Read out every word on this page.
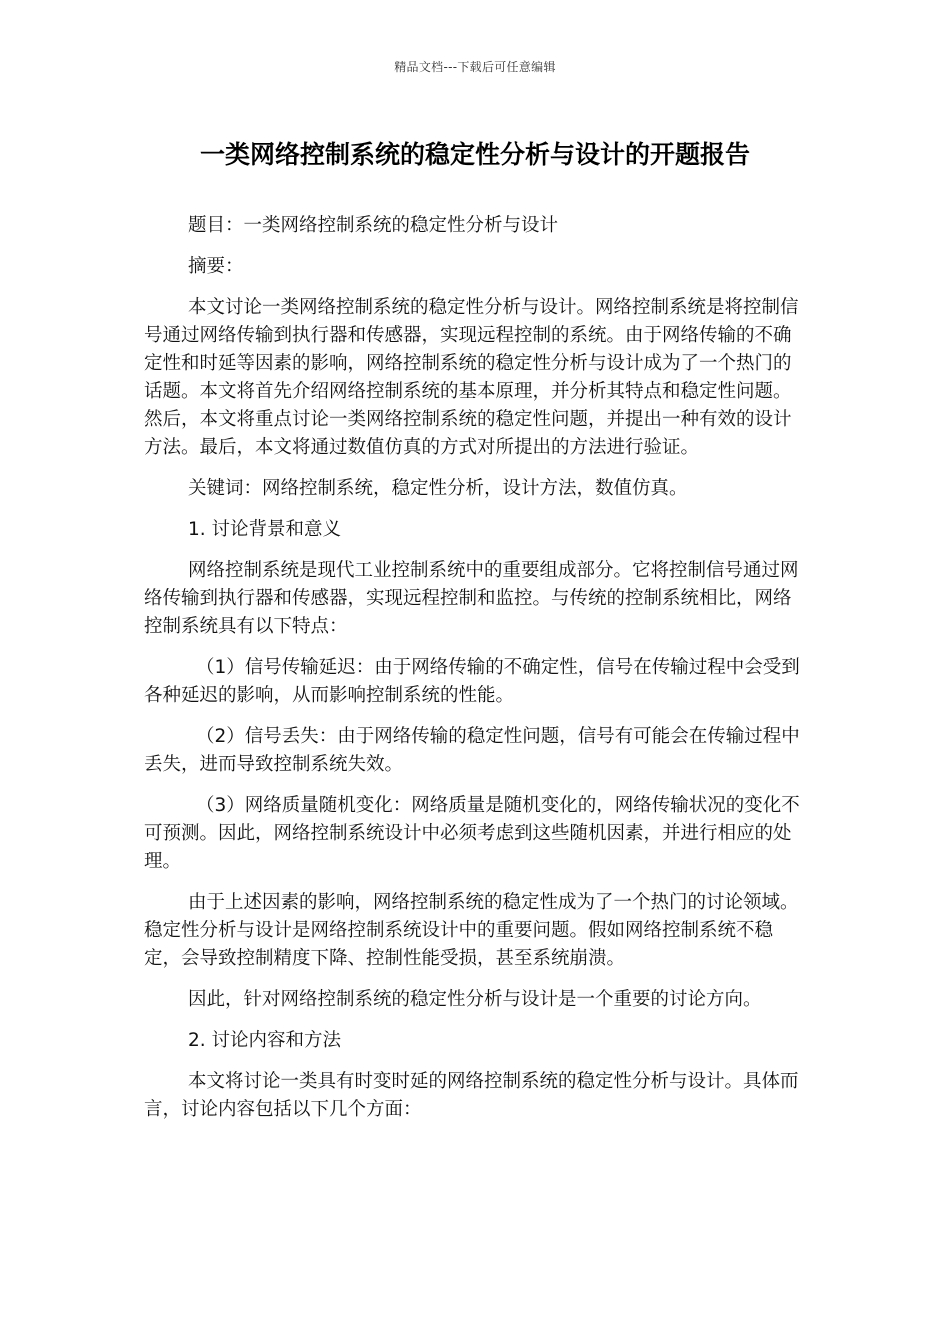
精品文档---下载后可任意编辑
一类网络控制系统的稳定性分析与设计的开题报告

题目：一类网络控制系统的稳定性分析与设计

摘要：

本文讨论一类网络控制系统的稳定性分析与设计。网络控制系统是将控制信号通过网络传输到执行器和传感器，实现远程控制的系统。由于网络传输的不确定性和时延等因素的影响，网络控制系统的稳定性分析与设计成为了一个热门的话题。本文将首先介绍网络控制系统的基本原理，并分析其特点和稳定性问题。然后，本文将重点讨论一类网络控制系统的稳定性问题，并提出一种有效的设计方法。最后，本文将通过数值仿真的方式对所提出的方法进行验证。

关键词：网络控制系统，稳定性分析，设计方法，数值仿真。

1. 讨论背景和意义

网络控制系统是现代工业控制系统中的重要组成部分。它将控制信号通过网络传输到执行器和传感器，实现远程控制和监控。与传统的控制系统相比，网络控制系统具有以下特点：

（1）信号传输延迟：由于网络传输的不确定性，信号在传输过程中会受到各种延迟的影响，从而影响控制系统的性能。

（2）信号丢失：由于网络传输的稳定性问题，信号有可能会在传输过程中丢失，进而导致控制系统失效。

（3）网络质量随机变化：网络质量是随机变化的，网络传输状况的变化不可预测。因此，网络控制系统设计中必须考虑到这些随机因素，并进行相应的处理。

由于上述因素的影响，网络控制系统的稳定性成为了一个热门的讨论领域。稳定性分析与设计是网络控制系统设计中的重要问题。假如网络控制系统不稳定，会导致控制精度下降、控制性能受损，甚至系统崩溃。

因此，针对网络控制系统的稳定性分析与设计是一个重要的讨论方向。

2. 讨论内容和方法

本文将讨论一类具有时变时延的网络控制系统的稳定性分析与设计。具体而言，讨论内容包括以下几个方面：
